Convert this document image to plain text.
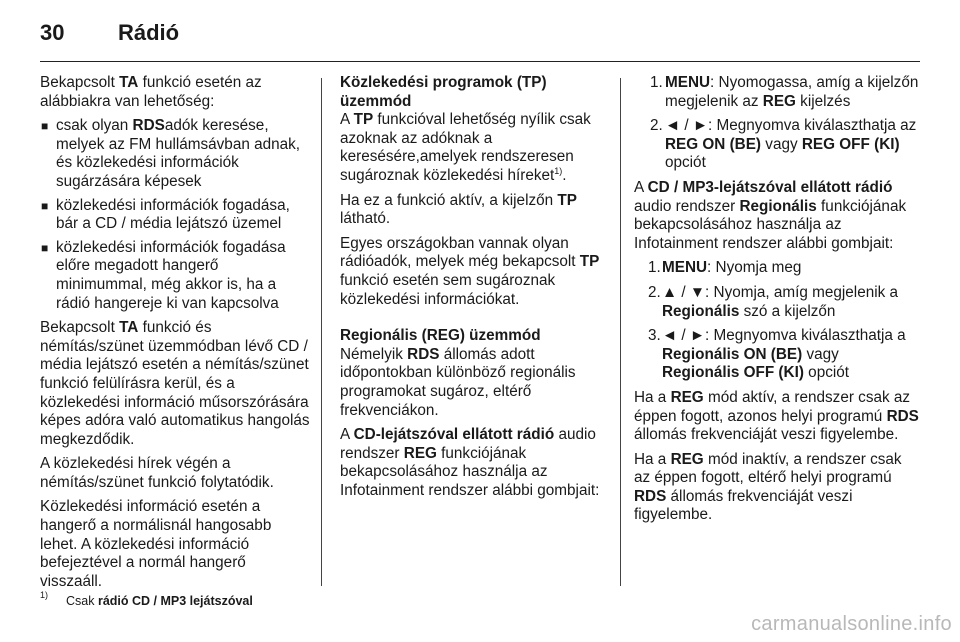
30 Rádió

Bekapcsolt TA funkció esetén az alábbiakra van lehetőség:

■ csak olyan RDSadók keresése, melyek az FM hullámsávban adnak, és közlekedési információk sugárzására képesek
■ közlekedési információk fogadása, bár a CD / média lejátszó üzemel
■ közlekedési információk fogadása előre megadott hangerő minimummal, még akkor is, ha a rádió hangereje ki van kapcsolva

Bekapcsolt TA funkció és némítás/szünet üzemmódban lévő CD / média lejátszó esetén a némítás/szünet funkció felülírásra kerül, és a közlekedési információ műsorszórására képes adóra való automatikus hangolás megkezdődik.

A közlekedési hírek végén a némítás/szünet funkció folytatódik.

Közlekedési információ esetén a hangerő a normálisnál hangosabb lehet. A közlekedési információ befejeztével a normál hangerő visszaáll.

Közlekedési programok (TP) üzemmód

A TP funkcióval lehetőség nyílik csak azoknak az adóknak a keresésére,amelyek rendszeresen sugároznak közlekedési híreket$^{1)}$.

Ha ez a funkció aktív, a kijelzőn TP látható.

Egyes országokban vannak olyan rádióadók, melyek még bekapcsolt TP funkció esetén sem sugároznak közlekedési információkat.

Regionális (REG) üzemmód

Némelyik RDS állomás adott időpontokban különböző regionális programokat sugároz, eltérő frekvenciákon.

A CD-lejátszóval ellátott rádió audio rendszer REG funkciójának bekapcsolásához használja az Infotainment rendszer alábbi gombjait:

1. MENU: Nyomogassa, amíg a kijelzőn megjelenik az REG kijelzés
2. ◄ / ►: Megnyomva kiválaszthatja az REG ON (BE) vagy REG OFF (KI) opciót

A CD / MP3-lejátszóval ellátott rádió audio rendszer Regionális funkciójának bekapcsolásához használja az Infotainment rendszer alábbi gombjait:

1. MENU: Nyomja meg
2. ▲ / ▼: Nyomja, amíg megjelenik a Regionális szó a kijelzőn
3. ◄ / ►: Megnyomva kiválaszthatja a Regionális ON (BE) vagy Regionális OFF (KI) opciót

Ha a REG mód aktív, a rendszer csak az éppen fogott, azonos helyi programú RDS állomás frekvenciáját veszi figyelembe.

Ha a REG mód inaktív, a rendszer csak az éppen fogott, eltérő helyi programú RDS állomás frekvenciáját veszi figyelembe.

1) Csak rádió CD / MP3 lejátszóval
carmanualsonline.info
